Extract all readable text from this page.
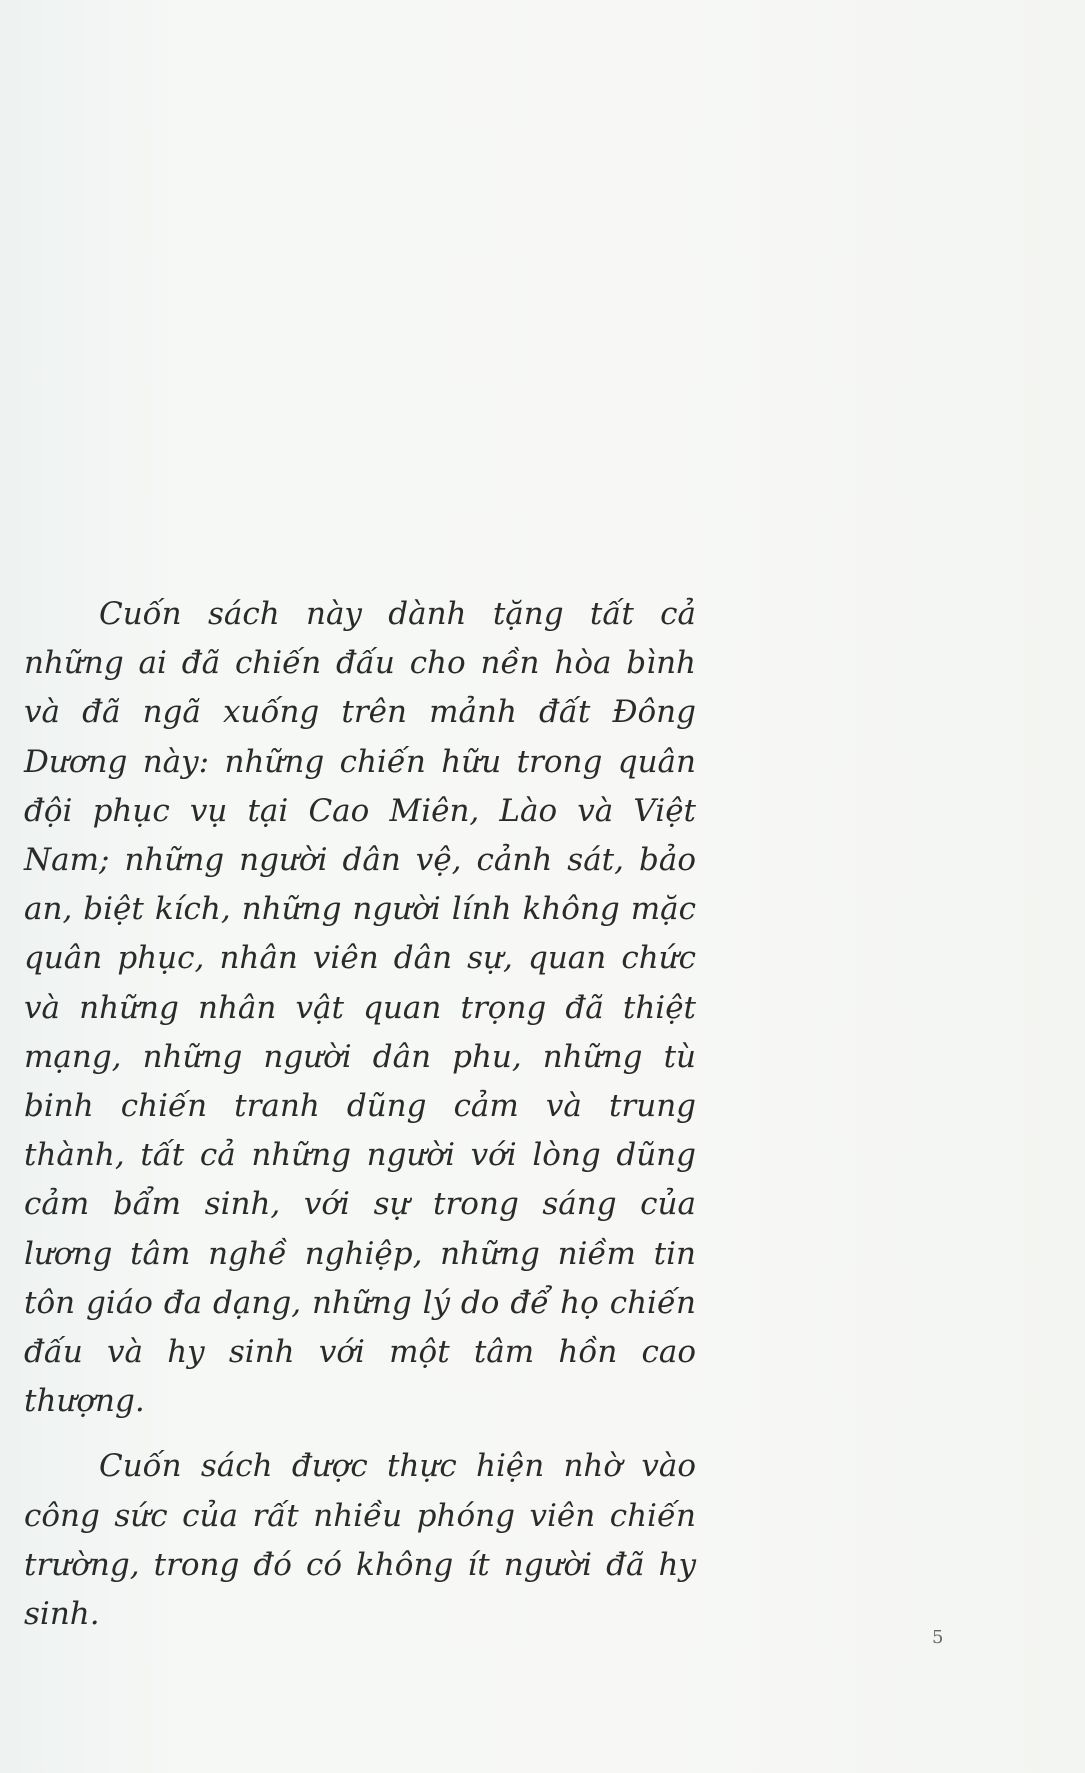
Cuốn sách này dành tặng tất cả những ai đã chiến đấu cho nền hòa bình và đã ngã xuống trên mảnh đất Đông Dương này: những chiến hữu trong quân đội phục vụ tại Cao Miên, Lào và Việt Nam; những người dân vệ, cảnh sát, bảo an, biệt kích, những người lính không mặc quân phục, nhân viên dân sự, quan chức và những nhân vật quan trọng đã thiệt mạng, những người dân phu, những tù binh chiến tranh dũng cảm và trung thành, tất cả những người với lòng dũng cảm bẩm sinh, với sự trong sáng của lương tâm nghề nghiệp, những niềm tin tôn giáo đa dạng, những lý do để họ chiến đấu và hy sinh với một tâm hồn cao thượng.

Cuốn sách được thực hiện nhờ vào công sức của rất nhiều phóng viên chiến trường, trong đó có không ít người đã hy sinh.

5
